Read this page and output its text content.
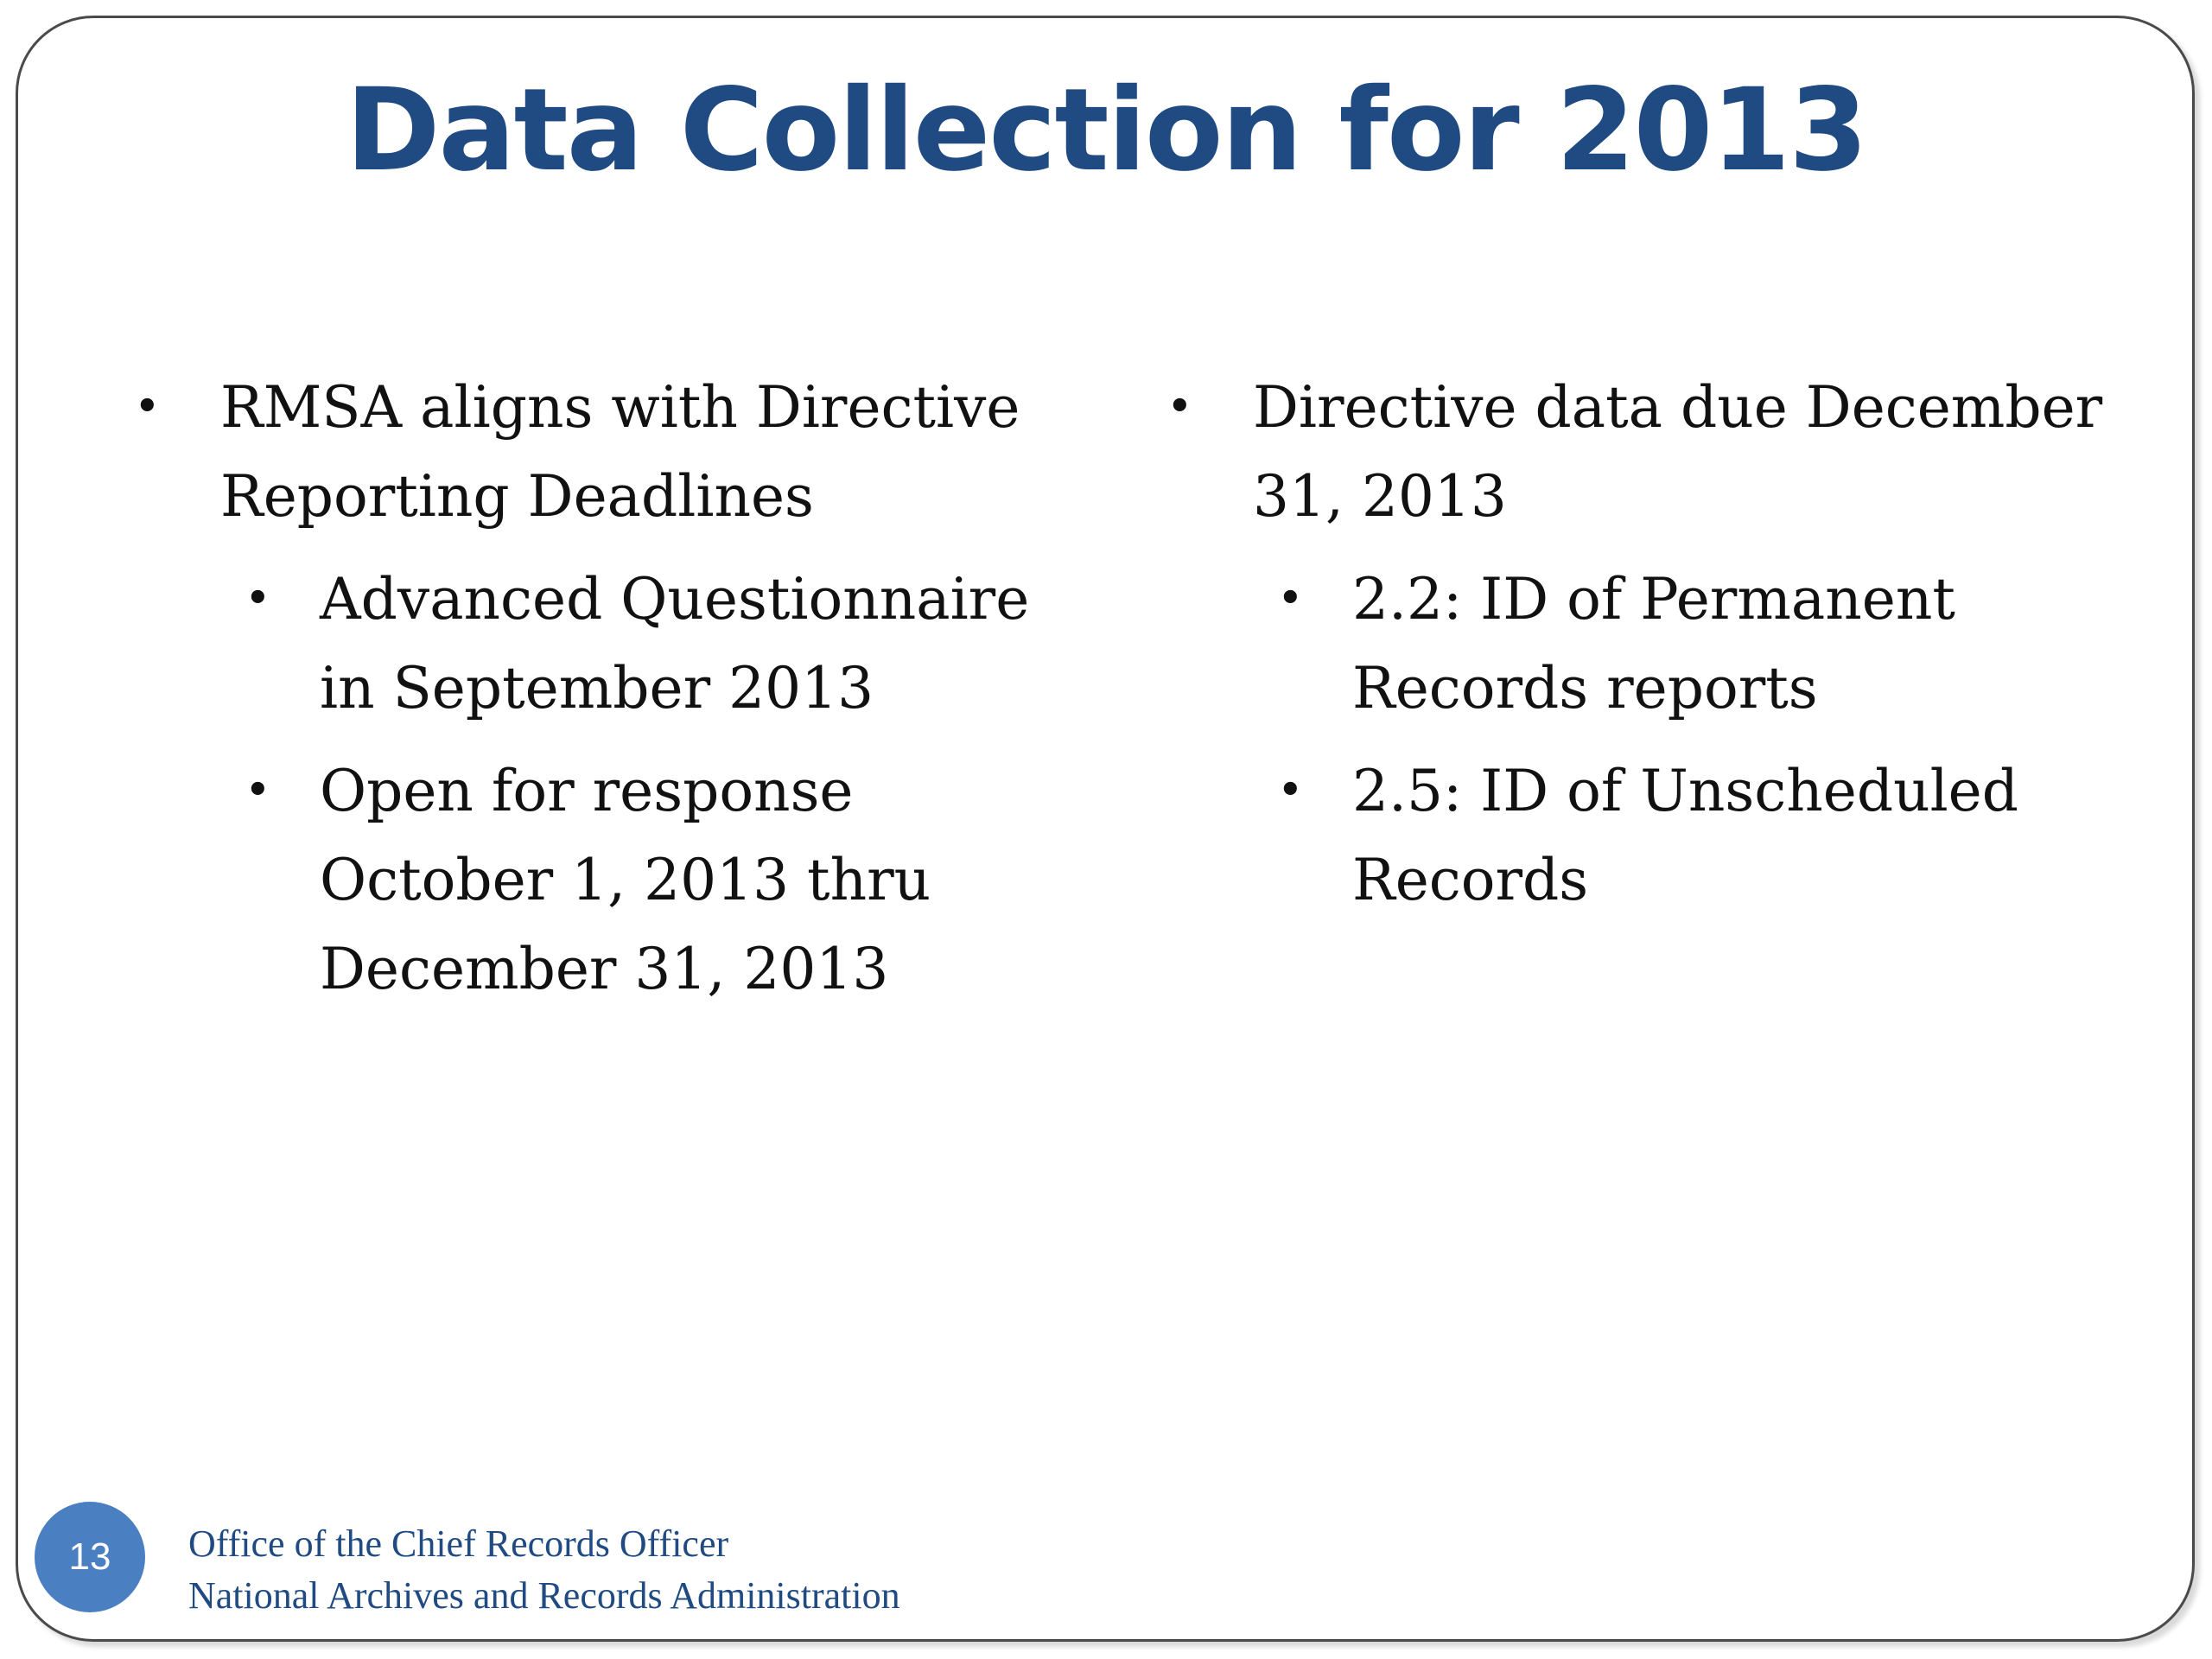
Data Collection for 2013
• RMSA aligns with Directive Reporting Deadlines
• Advanced Questionnaire in September 2013
• Open for response October 1, 2013 thru December 31, 2013
• Directive data due December 31, 2013
• 2.2: ID of Permanent Records reports
• 2.5: ID of Unscheduled Records
13	Office of the Chief Records Officer
National Archives and Records Administration
